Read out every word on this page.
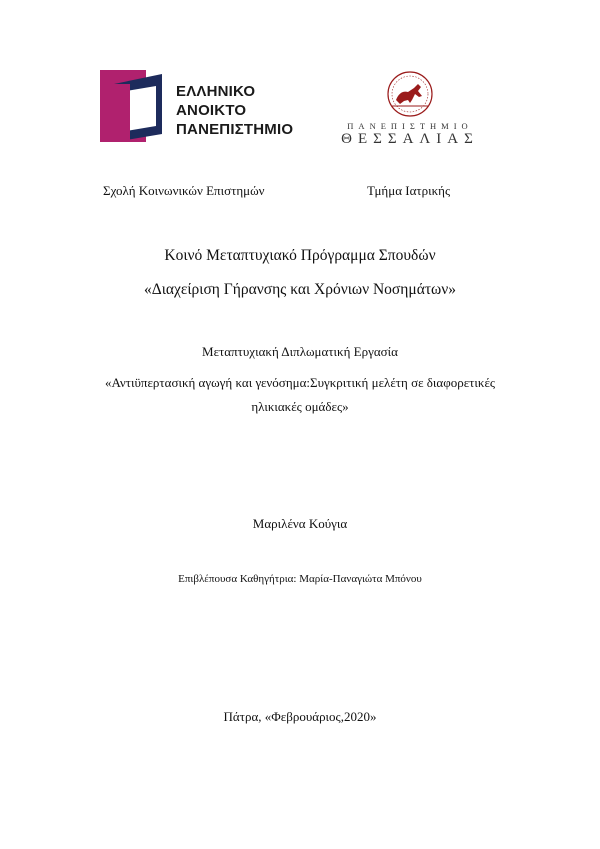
ΕΛΛΗΝΙΚΟ
ΑΝΟΙΚΤΟ
ΠΑΝΕΠΙΣΤΗΜΙΟ	ΠΑΝΕΠΙΣΤΗΜΙΟ
ΘΕΣΣΑΛΙΑΣ
Σχολή Κοινωνικών Επιστημών	Τμήμα Ιατρικής
Κοινό Μεταπτυχιακό Πρόγραμμα Σπουδών
«Διαχείριση Γήρανσης και Χρόνιων Νοσημάτων»
Μεταπτυχιακή Διπλωματική Εργασία
«Αντιϋπερτασική αγωγή και γενόσημα:Συγκριτική μελέτη σε διαφορετικές
ηλικιακές ομάδες»
Μαριλένα Κούγια
Επιβλέπουσα Καθηγήτρια: Μαρία-Παναγιώτα Μπόνου
Πάτρα, «Φεβρουάριος,2020»
